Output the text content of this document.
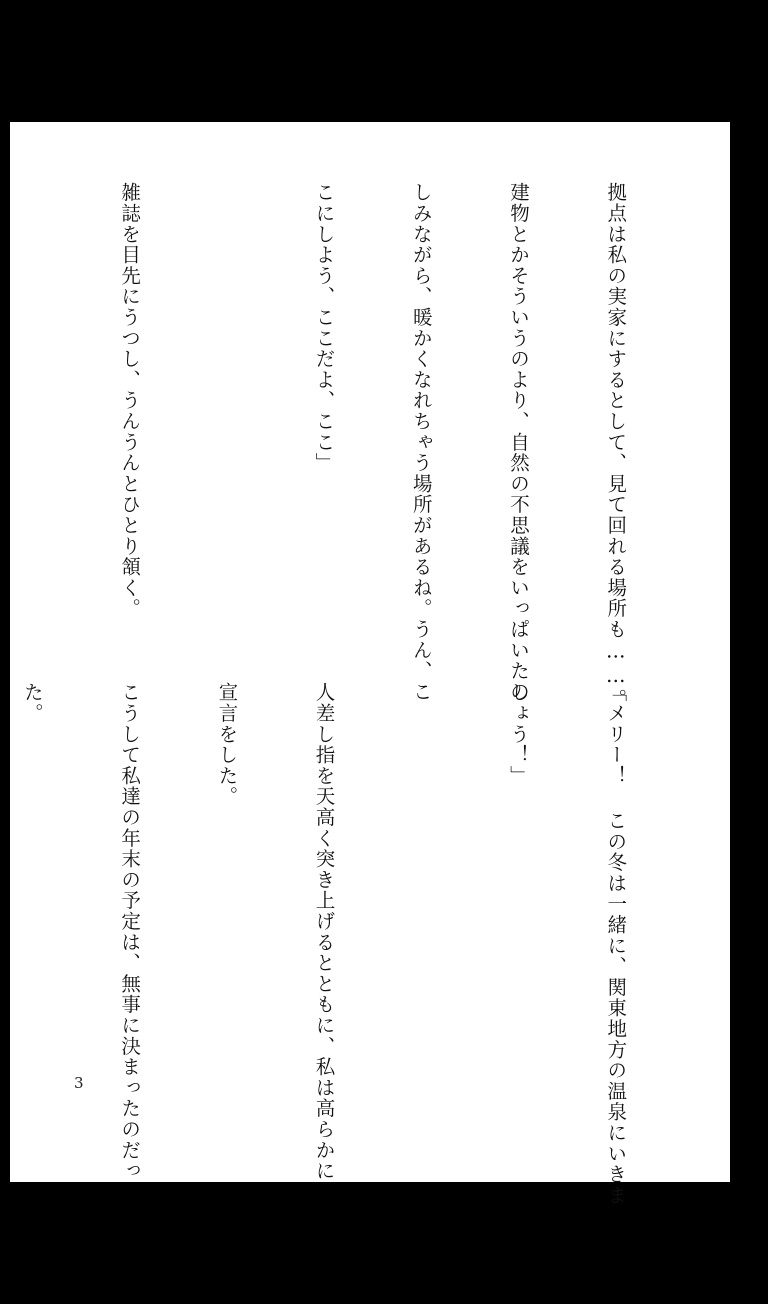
拠点は私の実家にするとして、見て回れる場所も……。

建物とかそういうのより、自然の不思議をいっぱいたの

しみながら、暖かくなれちゃう場所があるね。うん、こ

こにしよう、ここだよ、ここ」

雑誌を目先にうつし、うんうんとひとり頷く。

「メリー！ この冬は一緒に、関東地方の温泉にいきま

しょう！」

人差し指を天高く突き上げるとともに、私は高らかに

宣言をした。

こうして私達の年末の予定は、無事に決まったのだっ

た。

3
